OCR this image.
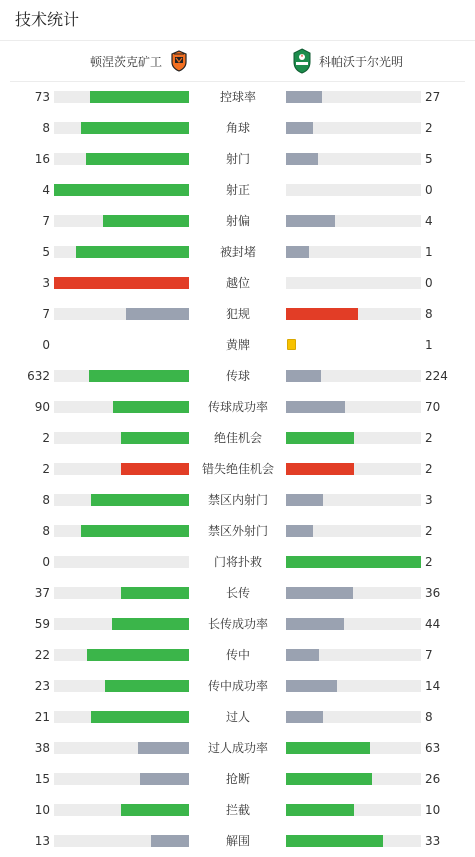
技术统计
顿涅茨克矿工	科帕沃于尔光明
73	控球率	27
8	角球	2
16	射门	5
4	射正	0
7	射偏	4
5	被封堵	1
3	越位	0
7	犯规	8
0	黄牌	1
632	传球	224
90	传球成功率	70
2	绝佳机会	2
2	错失绝佳机会	2
8	禁区内射门	3
8	禁区外射门	2
0	门将扑救	2
37	长传	36
59	长传成功率	44
22	传中	7
23	传中成功率	14
21	过人	8
38	过人成功率	63
15	抢断	26
10	拦截	10
13	解围	33
